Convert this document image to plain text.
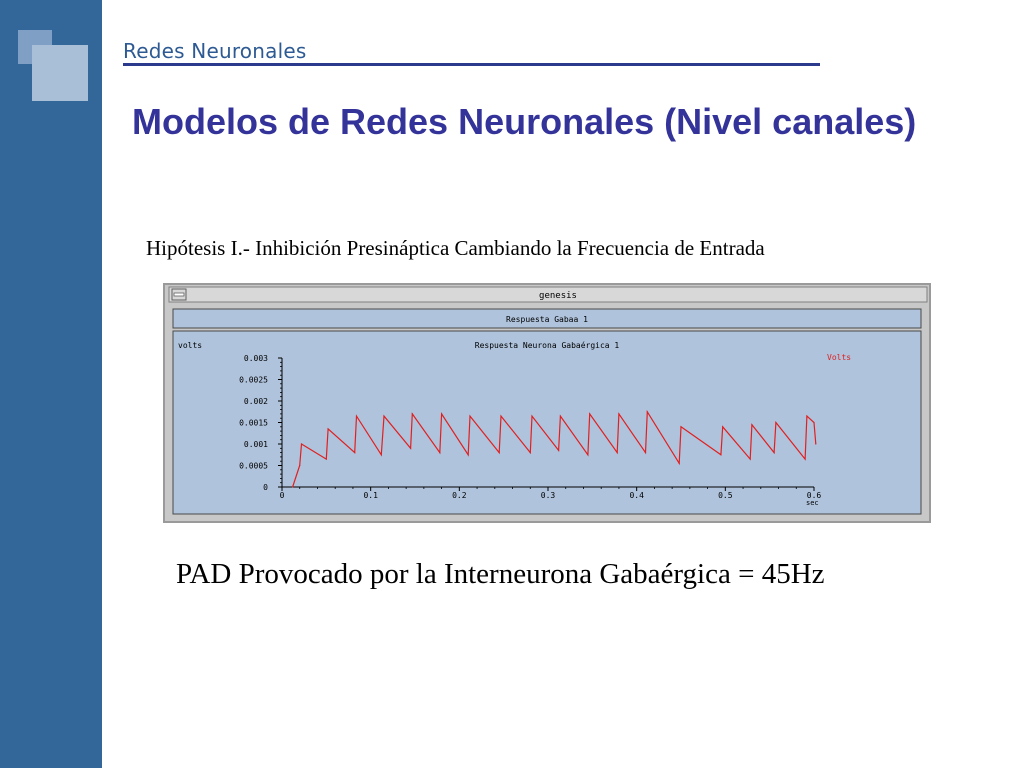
Redes Neuronales
Modelos de Redes Neuronales (Nivel canales)
Hipótesis I.- Inhibición Presináptica Cambiando la Frecuencia de Entrada
genesis
Respuesta Gabaa 1
volts	Respuesta Neurona Gabaérgica 1
Volts
0
0.0005
0.001
0.0015
0.002
0.0025
0.003
0	0.1	0.2	0.3	0.4	0.5	0.6
sec
PAD Provocado por la Interneurona Gabaérgica = 45Hz
